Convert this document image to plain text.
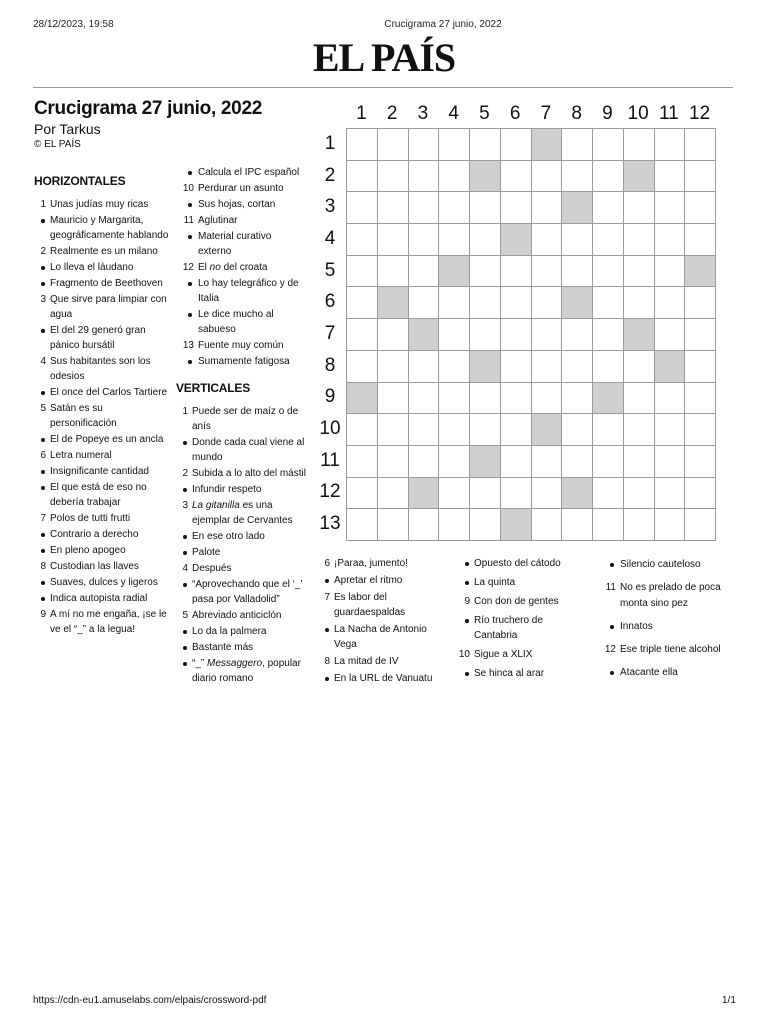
28/12/2023, 19:58	Crucigrama 27 junio, 2022
EL PAÍS
Crucigrama 27 junio, 2022
Por Tarkus
© EL PAÍS
HORIZONTALES
1 Unas judías muy ricas
Mauricio y Margarita, geográficamente hablando
2 Realmente es un milano
Lo lleva el láudano
Fragmento de Beethoven
3 Que sirve para limpiar con agua
El del 29 generó gran pánico bursátil
4 Sus habitantes son los odesios
El once del Carlos Tartiere
5 Satán es su personificación
El de Popeye es un ancla
6 Letra numeral
Insignificante cantidad
El que está de eso no debería trabajar
7 Polos de tutti frutti
Contrario a derecho
En pleno apogeo
8 Custodian las llaves
Suaves, dulces y ligeros
Indica autopista radial
9 A mí no me engaña, ¡se le ve el “_” a la legua!
Calcula el IPC español
10 Perdurar un asunto
Sus hojas, cortan
11 Aglutinar
Material curativo externo
12 El no del croata
Lo hay telegráfico y de Italia
Le dice mucho al sabueso
13 Fuente muy común
Sumamente fatigosa
VERTICALES
1 Puede ser de maíz o de anís
Donde cada cual viene al mundo
2 Subida a lo alto del mástil
Infundir respeto
3 La gitanilla es una ejemplar de Cervantes
En ese otro lado
Palote
4 Después
“Aprovechando que el ‘_’ pasa por Valladolid”
5 Abreviado anticiclón
Lo da la palmera
Bastante más
“_” Messaggero, popular diario romano
1	2	3	4	5	6	7	8	9 10 11 12
1
2
3
4
5
6
7
8
9
10
11
12
13
6 ¡Paraa, jumento!
Apretar el ritmo
7 Es labor del guardaespaldas
La Nacha de Antonio Vega
8 La mitad de IV
En la URL de Vanuatu
Opuesto del cátodo
La quinta
9 Con don de gentes
Río truchero de Cantabria
10 Sigue a XLIX
Se hinca al arar
Silencio cauteloso
11 No es prelado de poca monta sino pez
Innatos
12 Ese triple tiene alcohol
Atacante ella
https://cdn-eu1.amuselabs.com/elpais/crossword-pdf	1/1
